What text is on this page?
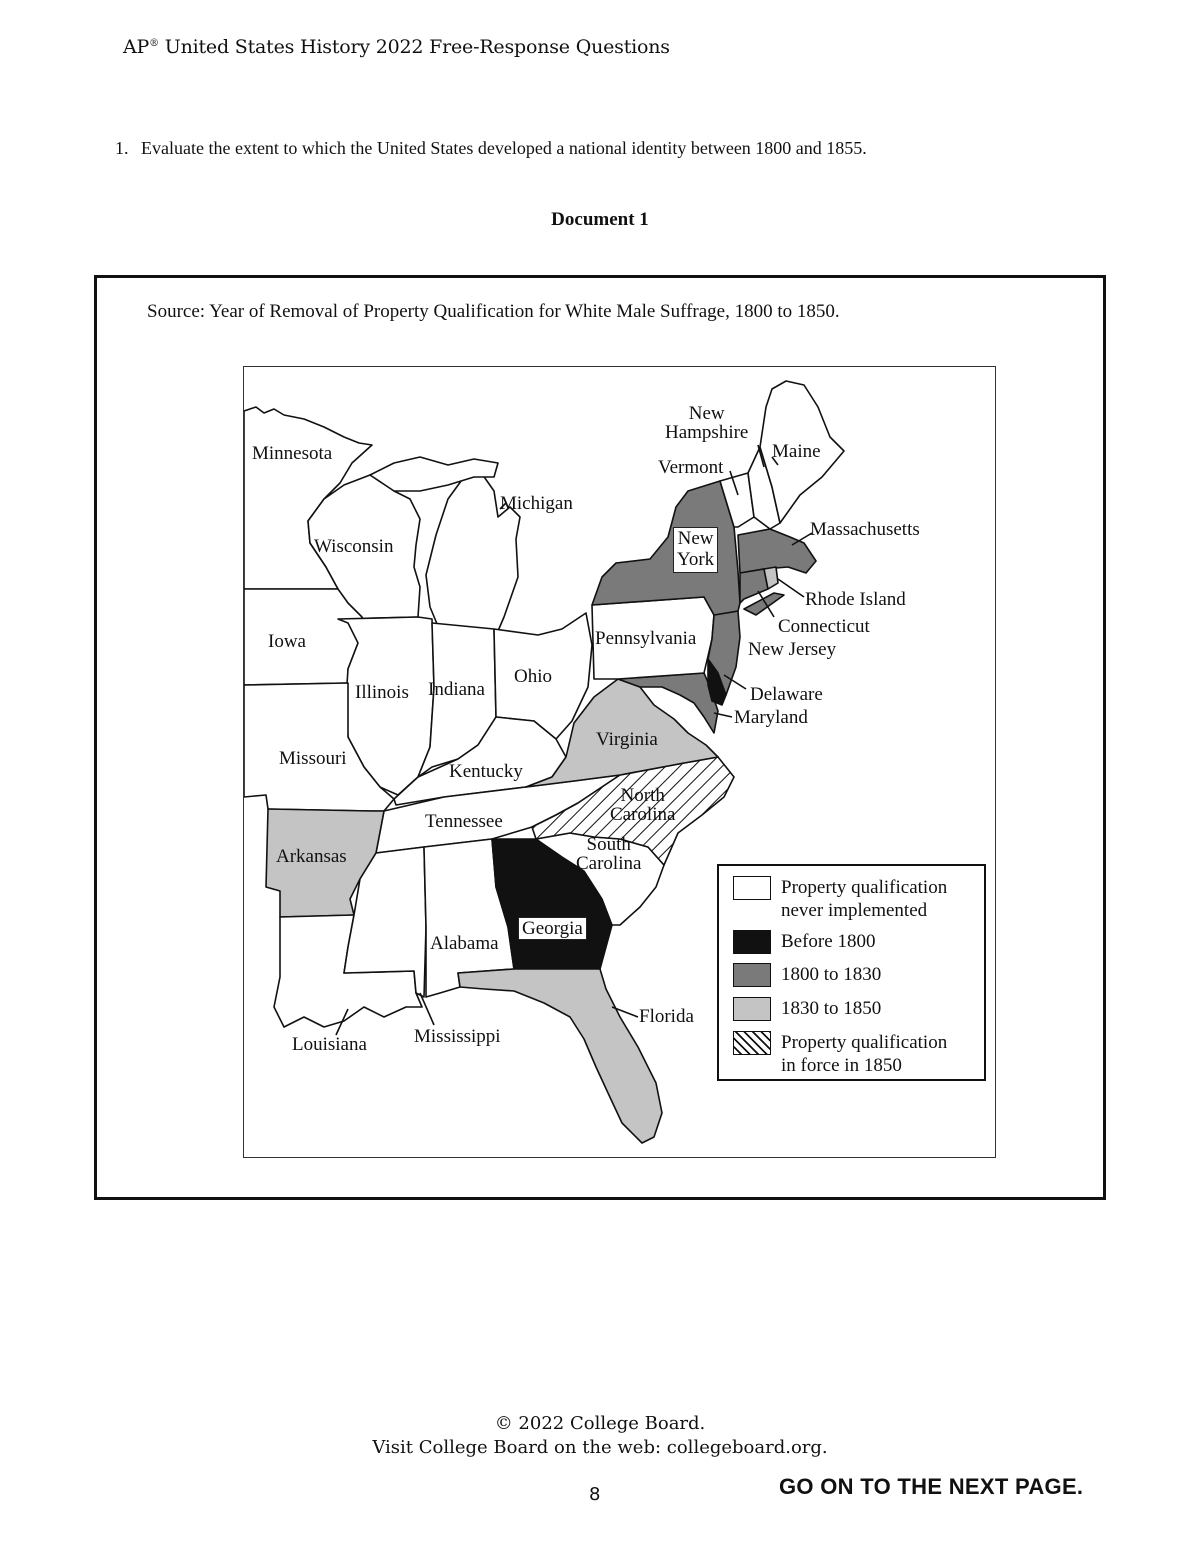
AP® United States History 2022 Free-Response Questions
1. Evaluate the extent to which the United States developed a national identity between 1800 and 1855.
Document 1
Source: Year of Removal of Property Qualification for White Male Suffrage, 1800 to 1850.
Minnesota
Wisconsin
Michigan
Iowa
Illinois Indiana
Ohio
Missouri
Kentucky
Tennessee
Arkansas
Louisiana Mississippi
Alabama
Georgia
Florida
South
Carolina
North
Carolina
Virginia
Maryland
Delaware
New Jersey
Pennsylvania
New
York
Connecticut
Rhode Island
Massachusetts
Vermont
New
Hampshire
Maine
Property qualification
never implemented
Before 1800
1800 to 1830
1830 to 1850
Property qualification
in force in 1850
© 2022 College Board.
Visit College Board on the web: collegeboard.org.
8	GO ON TO THE NEXT PAGE.
